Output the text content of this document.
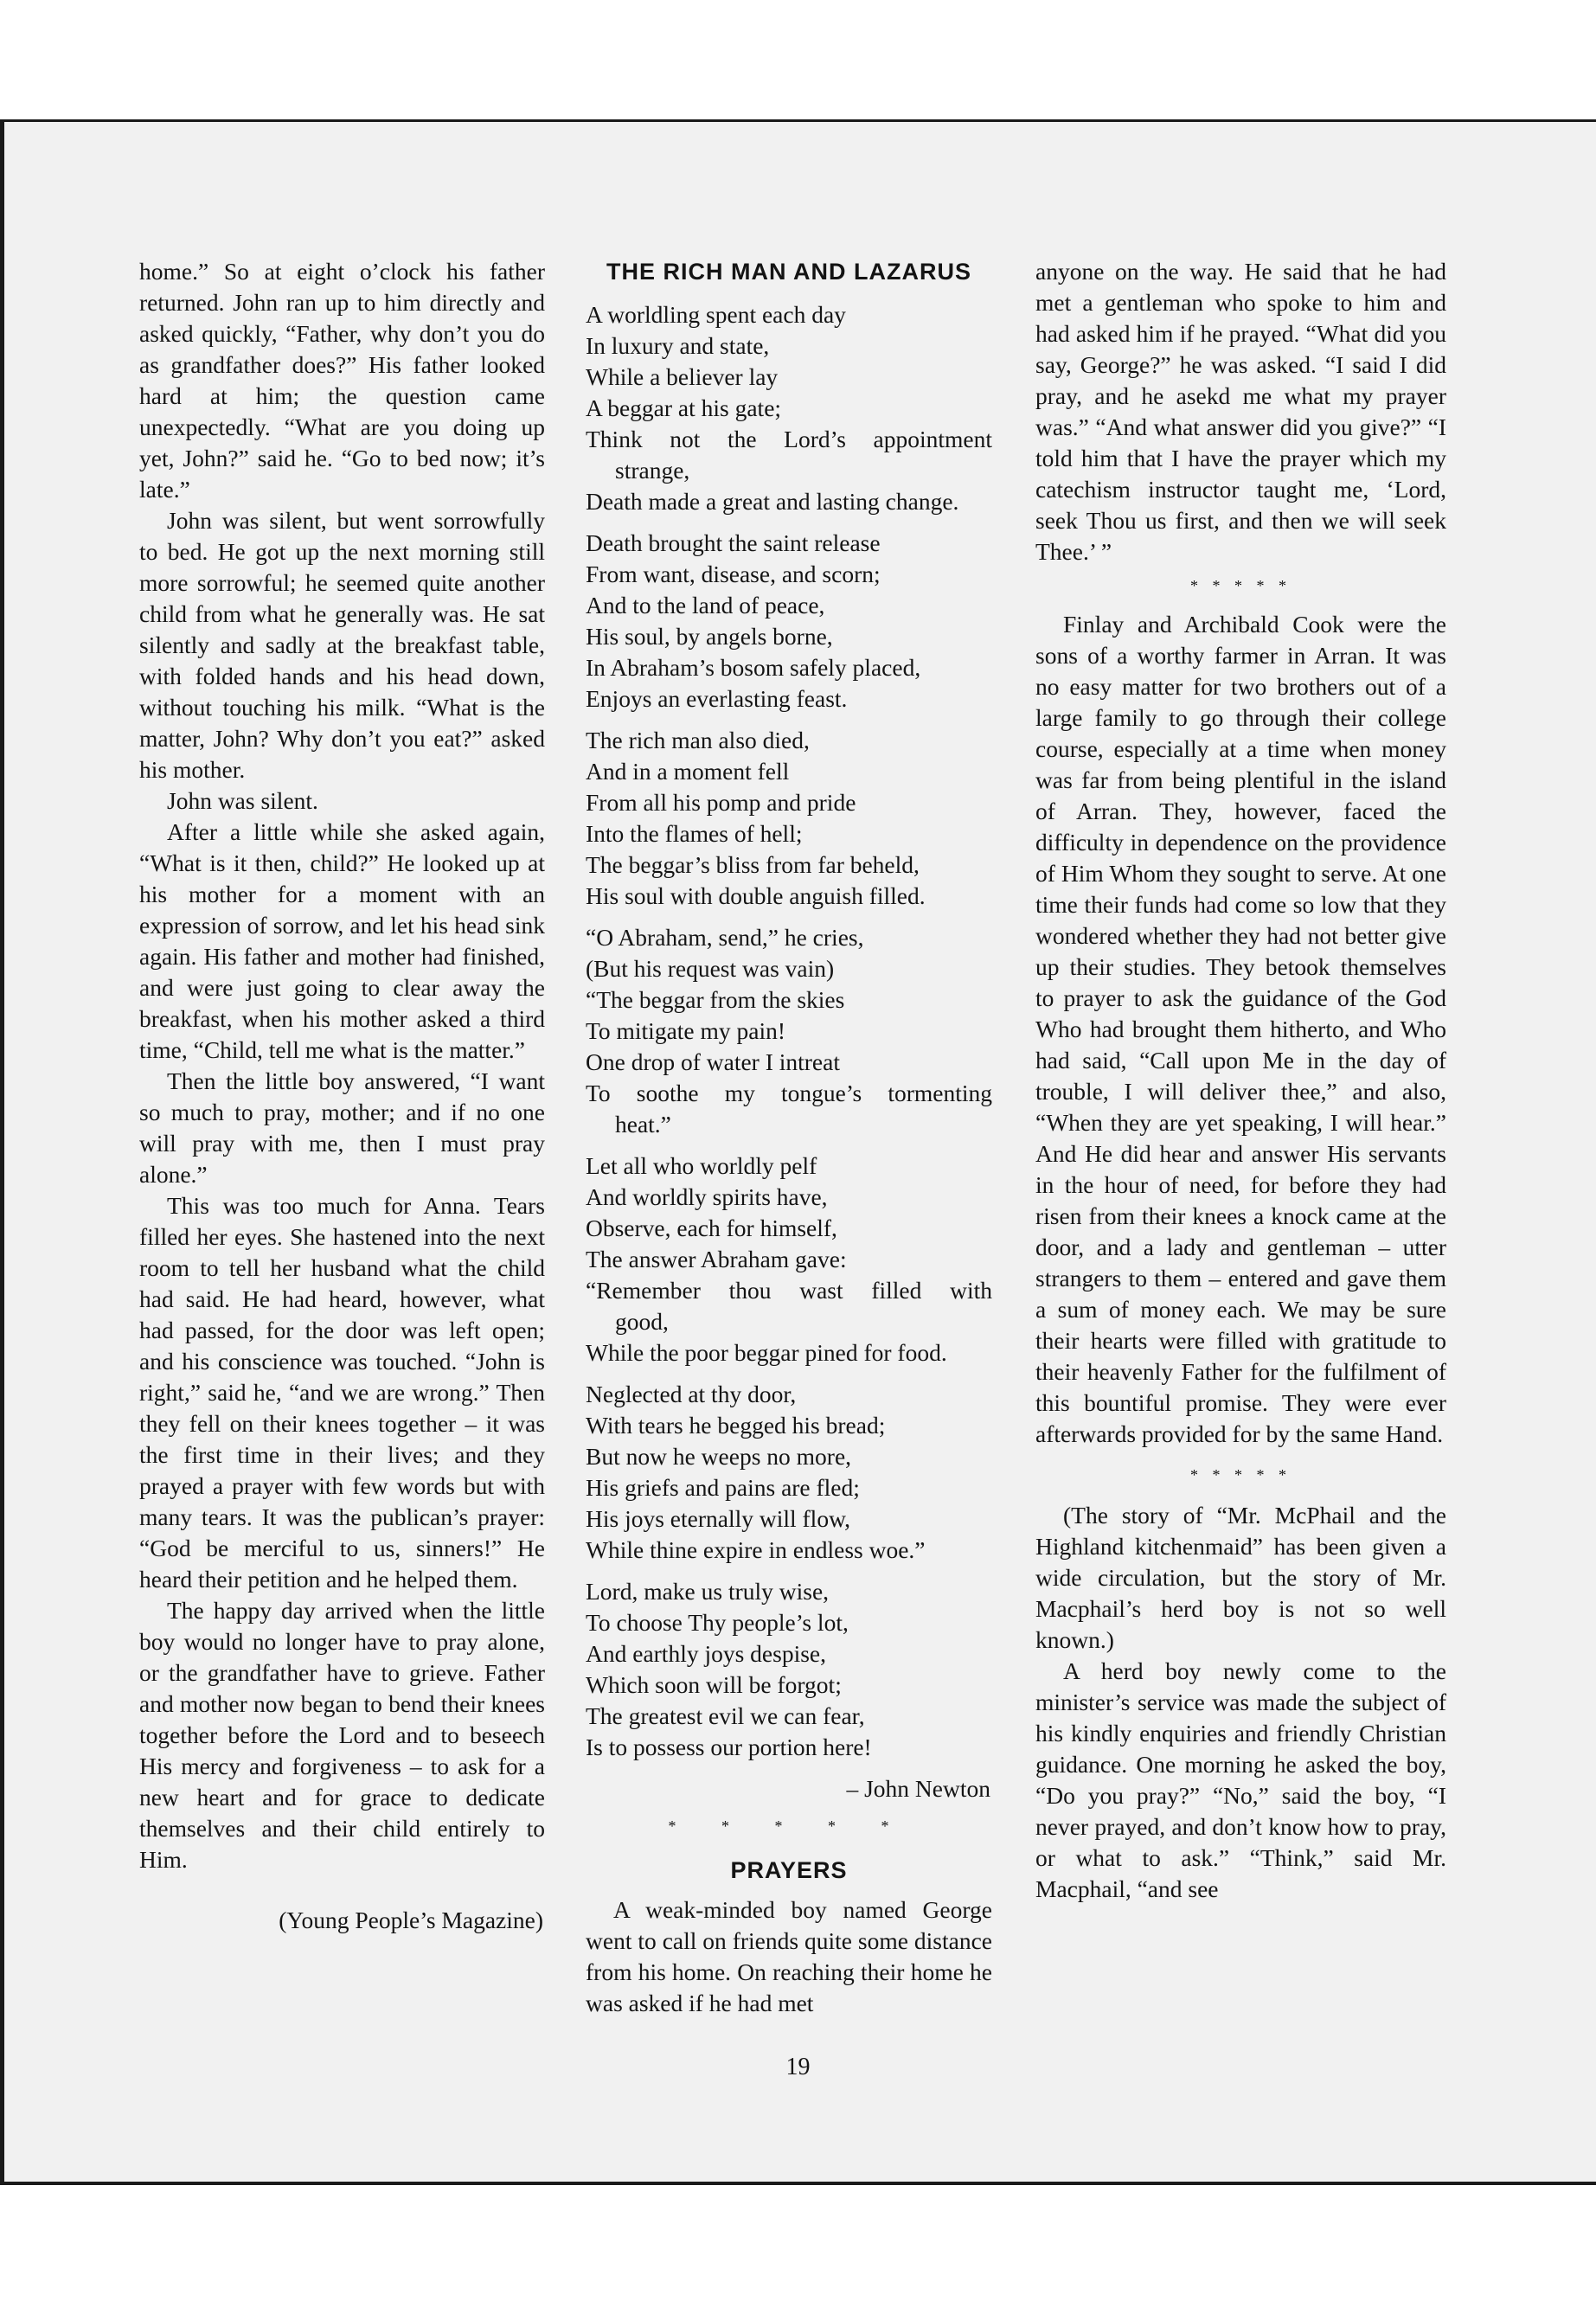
home.” So at eight o’clock his father returned. John ran up to him directly and asked quickly, “Father, why don’t you do as grandfather does?” His father looked hard at him; the question came unexpectedly. “What are you doing up yet, John?” said he. “Go to bed now; it’s late.”

John was silent, but went sorrowfully to bed. He got up the next morning still more sorrowful; he seemed quite another child from what he generally was. He sat silently and sadly at the breakfast table, with folded hands and his head down, without touching his milk. “What is the matter, John? Why don’t you eat?” asked his mother.

John was silent.

After a little while she asked again, “What is it then, child?” He looked up at his mother for a moment with an expression of sorrow, and let his head sink again. His father and mother had finished, and were just going to clear away the breakfast, when his mother asked a third time, “Child, tell me what is the matter.”

Then the little boy answered, “I want so much to pray, mother; and if no one will pray with me, then I must pray alone.”

This was too much for Anna. Tears filled her eyes. She hastened into the next room to tell her husband what the child had said. He had heard, however, what had passed, for the door was left open; and his conscience was touched. “John is right,” said he, “and we are wrong.” Then they fell on their knees together – it was the first time in their lives; and they prayed a prayer with few words but with many tears. It was the publican’s prayer: “God be merciful to us, sinners!” He heard their petition and he helped them.

The happy day arrived when the little boy would no longer have to pray alone, or the grandfather have to grieve. Father and mother now began to bend their knees together before the Lord and to beseech His mercy and forgiveness – to ask for a new heart and for grace to dedicate themselves and their child entirely to Him.

(Young People’s Magazine)

THE RICH MAN AND LAZARUS
A worldling spent each day
In luxury and state,
While a believer lay
A beggar at his gate;
Think not the Lord’s appointment
strange,
Death made a great and lasting change.
Death brought the saint release
From want, disease, and scorn;
And to the land of peace,
His soul, by angels borne,
In Abraham’s bosom safely placed,
Enjoys an everlasting feast.
The rich man also died,
And in a moment fell
From all his pomp and pride
Into the flames of hell;
The beggar’s bliss from far beheld,
His soul with double anguish filled.
“O Abraham, send,” he cries,
(But his request was vain)
“The beggar from the skies
To mitigate my pain!
One drop of water I intreat
To soothe my tongue’s tormenting
heat.”
Let all who worldly pelf
And worldly spirits have,
Observe, each for himself,
The answer Abraham gave:
“Remember thou wast filled with
good,
While the poor beggar pined for food.
Neglected at thy door,
With tears he begged his bread;
But now he weeps no more,
His griefs and pains are fled;
His joys eternally will flow,
While thine expire in endless woe.”
Lord, make us truly wise,
To choose Thy people’s lot,
And earthly joys despise,
Which soon will be forgot;
The greatest evil we can fear,
Is to possess our portion here!

– John Newton

* * * * *
PRAYERS

A weak-minded boy named George went to call on friends quite some distance from his home. On reaching their home he was asked if he had met

anyone on the way. He said that he had met a gentleman who spoke to him and had asked him if he prayed. “What did you say, George?” he was asked. “I said I did pray, and he asekd me what my prayer was.” “And what answer did you give?” “I told him that I have the prayer which my catechism instructor taught me, ‘Lord, seek Thou us first, and then we will seek Thee.’ ”

* * * * *

Finlay and Archibald Cook were the sons of a worthy farmer in Arran. It was no easy matter for two brothers out of a large family to go through their college course, especially at a time when money was far from being plentiful in the island of Arran. They, however, faced the difficulty in dependence on the providence of Him Whom they sought to serve. At one time their funds had come so low that they wondered whether they had not better give up their studies. They betook themselves to prayer to ask the guidance of the God Who had brought them hitherto, and Who had said, “Call upon Me in the day of trouble, I will deliver thee,” and also, “When they are yet speaking, I will hear.” And He did hear and answer His servants in the hour of need, for before they had risen from their knees a knock came at the door, and a lady and gentleman – utter strangers to them – entered and gave them a sum of money each. We may be sure their hearts were filled with gratitude to their heavenly Father for the fulfilment of this bountiful promise. They were ever afterwards provided for by the same Hand.

* * * * *

(The story of “Mr. McPhail and the Highland kitchenmaid” has been given a wide circulation, but the story of Mr. Macphail’s herd boy is not so well known.)

A herd boy newly come to the minister’s service was made the subject of his kindly enquiries and friendly Christian guidance. One morning he asked the boy, “Do you pray?” “No,” said the boy, “I never prayed, and don’t know how to pray, or what to ask.” “Think,” said Mr. Macphail, “and see

19
